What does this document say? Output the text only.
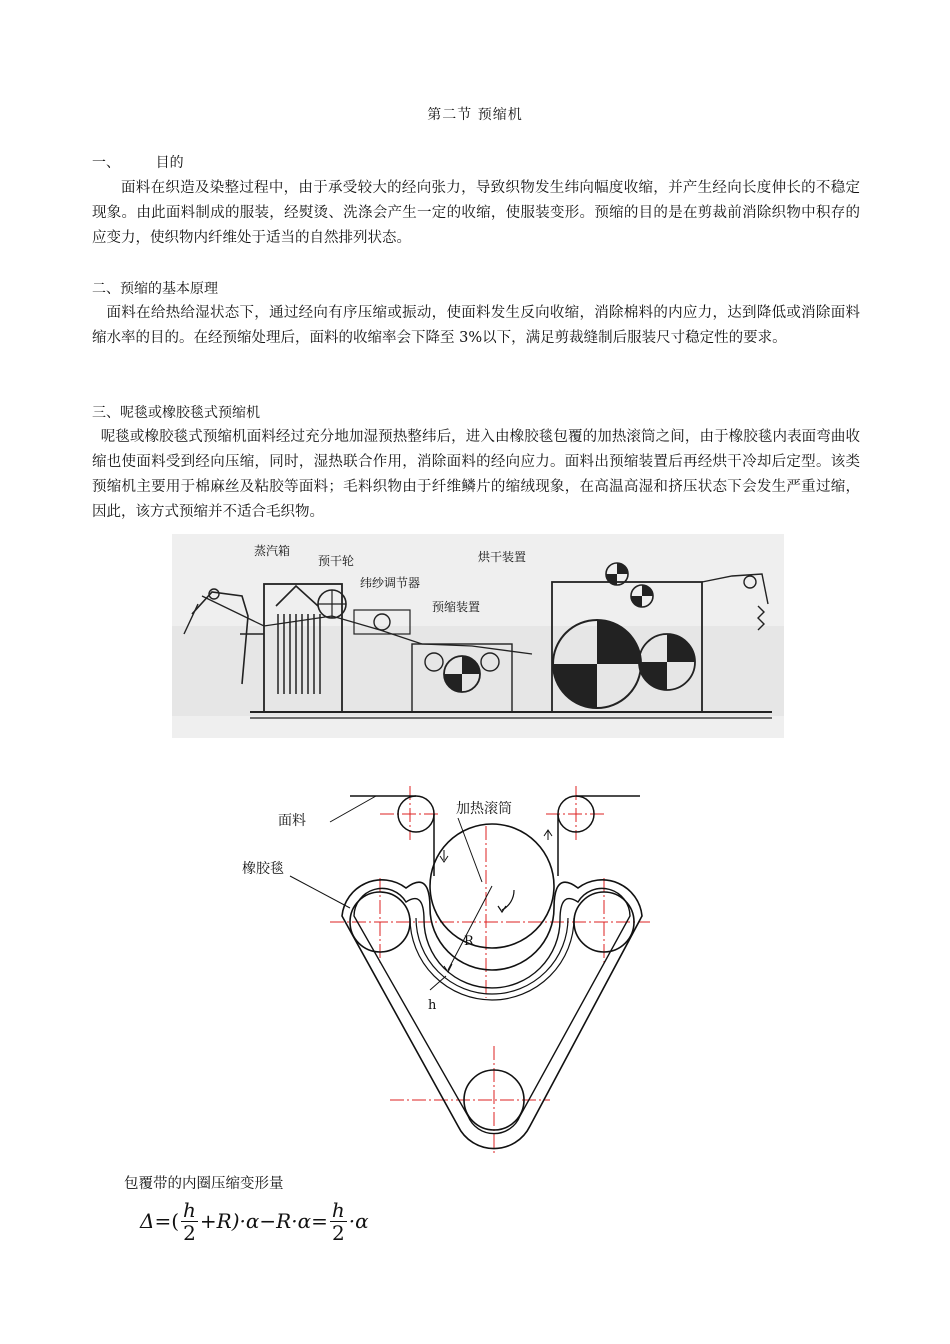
第二节 预缩机
一、        目的
面料在织造及染整过程中，由于承受较大的经向张力，导致织物发生纬向幅度收缩，并产生经向长度伸长的不稳定现象。由此面料制成的服装，经熨烫、洗涤会产生一定的收缩，使服装变形。预缩的目的是在剪裁前消除织物中积存的应变力，使织物内纤维处于适当的自然排列状态。
二、预缩的基本原理
面料在给热给湿状态下，通过经向有序压缩或振动，使面料发生反向收缩，消除棉料的内应力，达到降低或消除面料缩水率的目的。在经预缩处理后，面料的收缩率会下降至 3%以下，满足剪裁缝制后服装尺寸稳定性的要求。
三、呢毯或橡胶毯式预缩机
呢毯或橡胶毯式预缩机面料经过充分地加湿预热整纬后，进入由橡胶毯包覆的加热滚筒之间，由于橡胶毯内表面弯曲收缩也使面料受到经向压缩，同时，湿热联合作用，消除面料的经向应力。面料出预缩装置后再经烘干冷却后定型。该类预缩机主要用于棉麻丝及粘胶等面料；毛料织物由于纤维鳞片的缩绒现象，在高温高湿和挤压状态下会发生严重过缩，因此，该方式预缩并不适合毛织物。
蒸汽箱
预干轮
纬纱调节器
预缩装置
烘干装置
面料
加热滚筒
橡胶毯
R
h
包覆带的内圈压缩变形量
Δ = ( $\frac{h}{2} +R$ )$\cdot\alpha-R\cdot\alpha= \frac{h}{2} \cdot\alpha$
